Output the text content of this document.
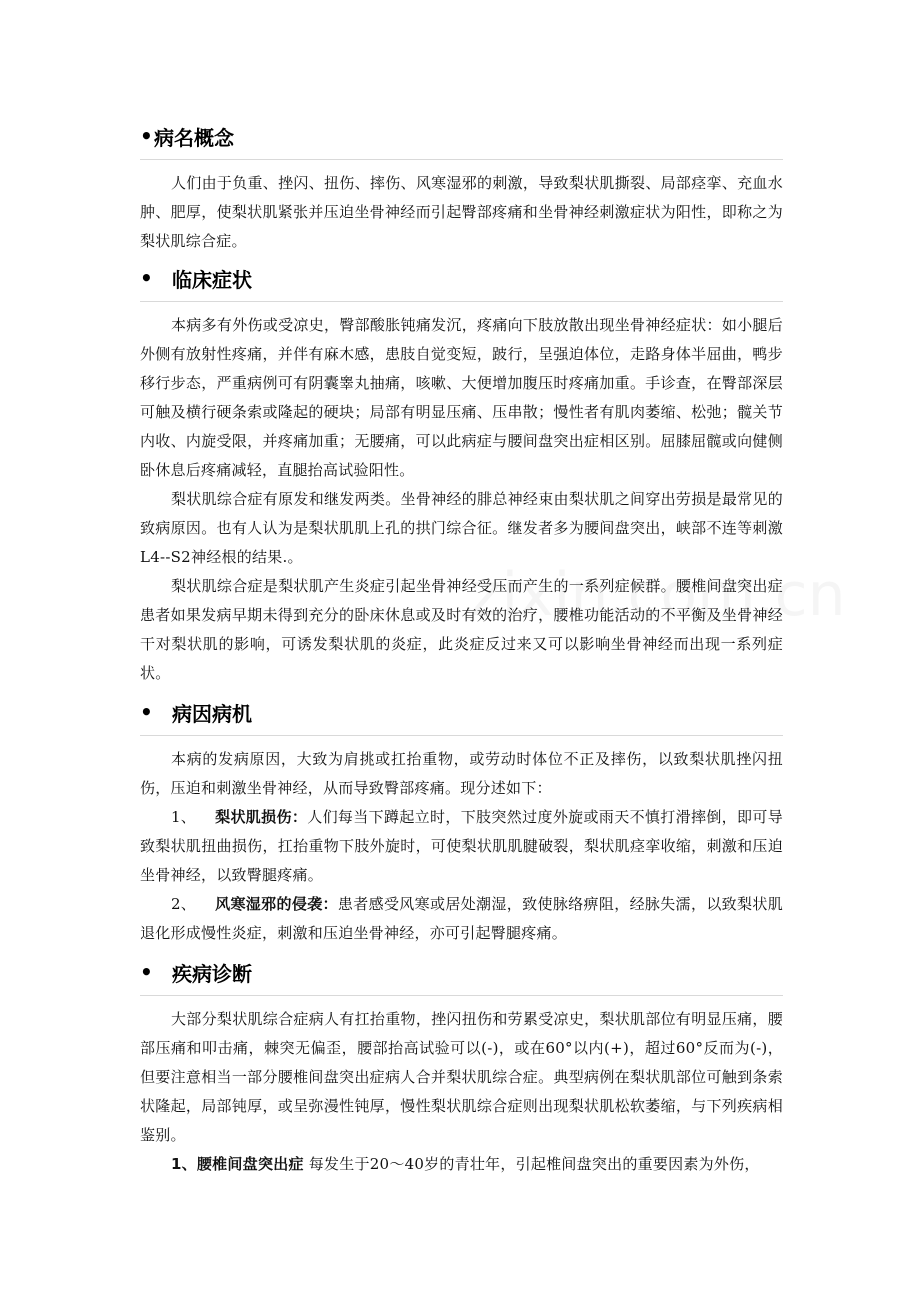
• 病名概念

人们由于负重、挫闪、扭伤、摔伤、风寒湿邪的刺激，导致梨状肌撕裂、局部痉挛、充血水肿、肥厚，使梨状肌紧张并压迫坐骨神经而引起臀部疼痛和坐骨神经刺激症状为阳性，即称之为梨状肌综合症。

• 临床症状

本病多有外伤或受凉史，臀部酸胀钝痛发沉，疼痛向下肢放散出现坐骨神经症状：如小腿后外侧有放射性疼痛，并伴有麻木感，患肢自觉变短，跛行，呈强迫体位，走路身体半屈曲，鸭步移行步态，严重病例可有阴囊睾丸抽痛，咳嗽、大便增加腹压时疼痛加重。手诊查，在臀部深层可触及横行硬条索或隆起的硬块；局部有明显压痛、压串散；慢性者有肌肉萎缩、松弛；髋关节内收、内旋受限，并疼痛加重；无腰痛，可以此病症与腰间盘突出症相区别。屈膝屈髋或向健侧卧休息后疼痛减轻，直腿抬高试验阳性。

梨状肌综合症有原发和继发两类。坐骨神经的腓总神经束由梨状肌之间穿出劳损是最常见的致病原因。也有人认为是梨状肌肌上孔的拱门综合征。继发者多为腰间盘突出，峡部不连等刺激L4--S2神经根的结果.。

梨状肌综合症是梨状肌产生炎症引起坐骨神经受压而产生的一系列症候群。腰椎间盘突出症患者如果发病早期未得到充分的卧床休息或及时有效的治疗，腰椎功能活动的不平衡及坐骨神经干对梨状肌的影响，可诱发梨状肌的炎症，此炎症反过来又可以影响坐骨神经而出现一系列症状。

• 病因病机

本病的发病原因，大致为肩挑或扛抬重物，或劳动时体位不正及摔伤，以致梨状肌挫闪扭伤，压迫和刺激坐骨神经，从而导致臀部疼痛。现分述如下：

1、 梨状肌损伤：人们每当下蹲起立时，下肢突然过度外旋或雨天不慎打滑摔倒，即可导致梨状肌扭曲损伤，扛抬重物下肢外旋时，可使梨状肌肌腱破裂，梨状肌痉挛收缩，刺激和压迫坐骨神经，以致臀腿疼痛。

2、 风寒湿邪的侵袭：患者感受风寒或居处潮湿，致使脉络痹阻，经脉失濡，以致梨状肌退化形成慢性炎症，刺激和压迫坐骨神经，亦可引起臀腿疼痛。

• 疾病诊断

大部分梨状肌综合症病人有扛抬重物，挫闪扭伤和劳累受凉史，梨状肌部位有明显压痛，腰部压痛和叩击痛，棘突无偏歪，腰部抬高试验可以(-)，或在60°以内(+)，超过60°反而为(-)，但要注意相当一部分腰椎间盘突出症病人合并梨状肌综合症。典型病例在梨状肌部位可触到条索状隆起，局部钝厚，或呈弥漫性钝厚，慢性梨状肌综合症则出现梨状肌松软萎缩，与下列疾病相鉴别。

1、腰椎间盘突出症 每发生于20～40岁的青壮年，引起椎间盘突出的重要因素为外伤，
